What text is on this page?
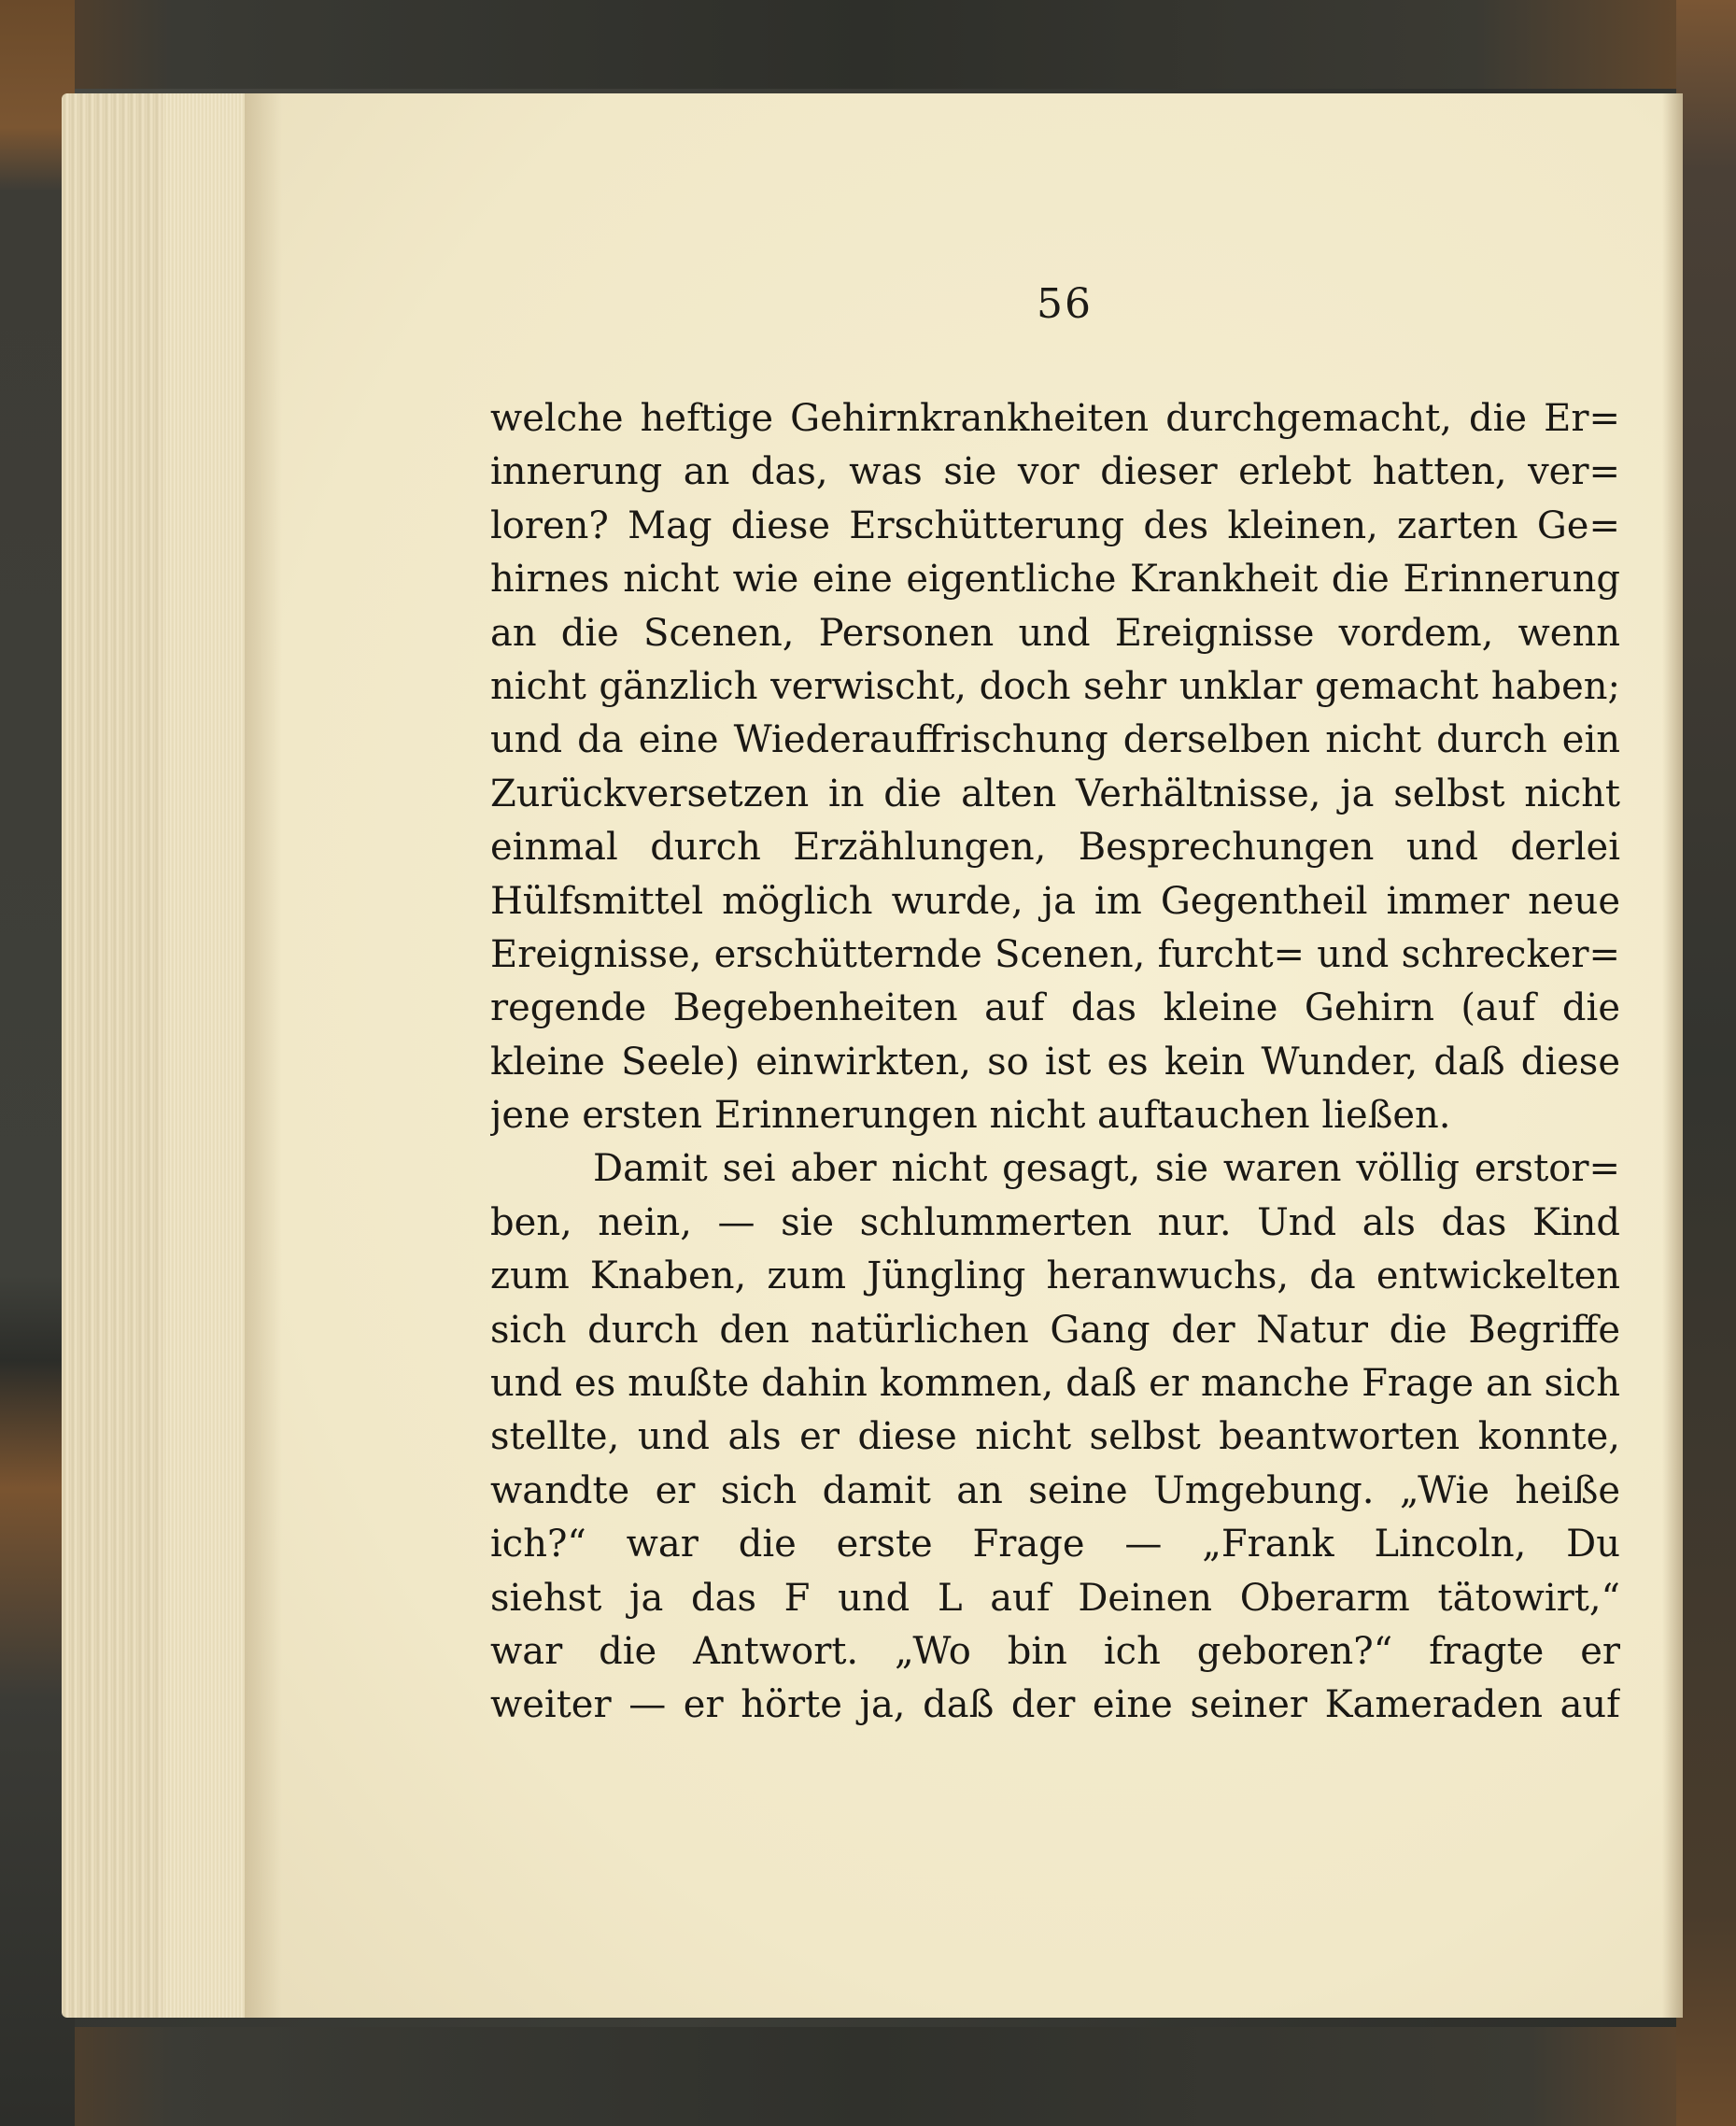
56
welche heftige Gehirnkrankheiten durchgemacht, die Er=
innerung an das, was sie vor dieser erlebt hatten, ver=
loren? Mag diese Erschütterung des kleinen, zarten Ge=
hirnes nicht wie eine eigentliche Krankheit die Erinnerung
an die Scenen, Personen und Ereignisse vordem, wenn
nicht gänzlich verwischt, doch sehr unklar gemacht haben;
und da eine Wiederauffrischung derselben nicht durch ein
Zurückversetzen in die alten Verhältnisse, ja selbst nicht
einmal durch Erzählungen, Besprechungen und derlei
Hülfsmittel möglich wurde, ja im Gegentheil immer neue
Ereignisse, erschütternde Scenen, furcht= und schrecker=
regende Begebenheiten auf das kleine Gehirn (auf die
kleine Seele) einwirkten, so ist es kein Wunder, daß diese
jene ersten Erinnerungen nicht auftauchen ließen.
Damit sei aber nicht gesagt, sie waren völlig erstor=
ben, nein, — sie schlummerten nur. Und als das Kind
zum Knaben, zum Jüngling heranwuchs, da entwickelten
sich durch den natürlichen Gang der Natur die Begriffe
und es mußte dahin kommen, daß er manche Frage an sich
stellte, und als er diese nicht selbst beantworten konnte,
wandte er sich damit an seine Umgebung. „Wie heiße
ich?“ war die erste Frage — „Frank Lincoln, Du
siehst ja das F und L auf Deinen Oberarm tätowirt,“
war die Antwort. „Wo bin ich geboren?“ fragte er
weiter — er hörte ja, daß der eine seiner Kameraden auf
